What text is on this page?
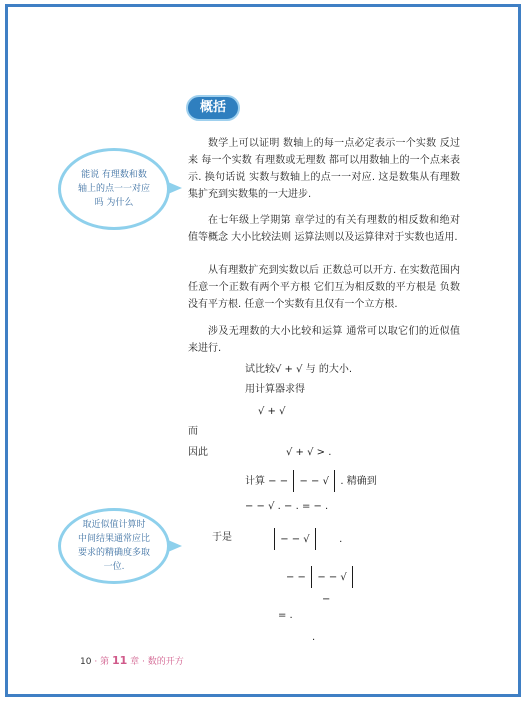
概括
能说 有理数和数轴上的点一一对应 吗 为什么
取近似值计算时 中间结果通常应比要求的精确度多取一位.
数学上可以证明 数轴上的每一点必定表示一个实数 反过来 每一个实数 有理数或无理数 都可以用数轴上的一个点来表示. 换句话说 实数与数轴上的点一一对应. 这是数集从有理数集扩充到实数集的一大进步.
在七年级上学期第 章学过的有关有理数的相反数和绝对值等概念 大小比较法则 运算法则以及运算律对于实数也适用.
从有理数扩充到实数以后 正数总可以开方. 在实数范围内 任意一个正数有两个平方根 它们互为相反数的平方根是 负数没有平方根. 任意一个实数有且仅有一个立方根.
涉及无理数的大小比较和运算 通常可以取它们的近似值来进行.
试比较√ + √ 与 的大小.
用计算器求得
√ + √
而
因此	√ + √ > .
计算 − − − − √ . 精确到
− − √ . − . = − .
于是	− − √	.
− − − − √
−
= .
.
10 · 第 11 章 · 数的开方
